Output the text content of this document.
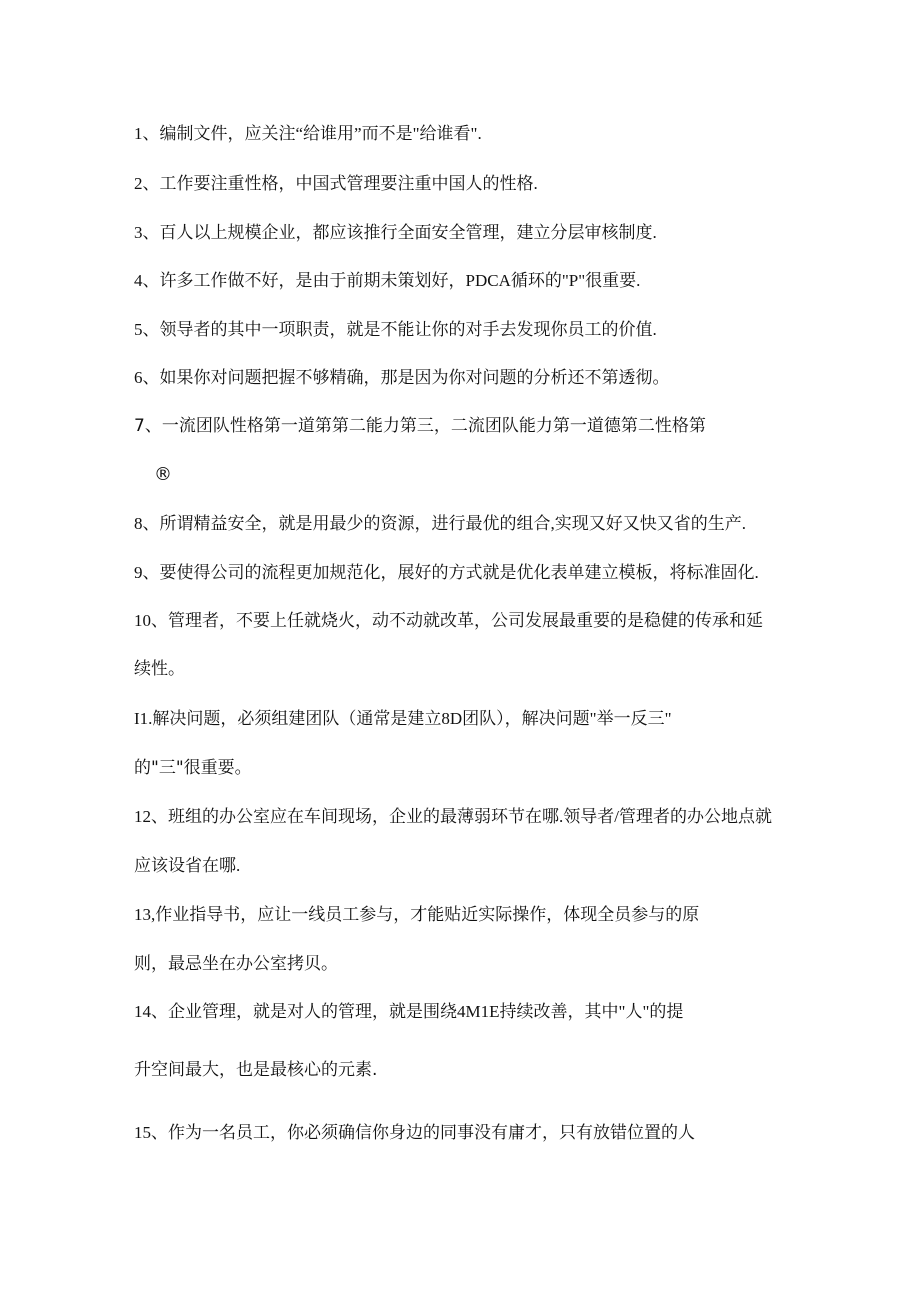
1、编制文件，应关注“给谁用”而不是"给谁看".
2、工作要注重性格，中国式管理要注重中国人的性格.
3、百人以上规模企业，都应该推行全面安全管理，建立分层审核制度.
4、许多工作做不好，是由于前期未策划好，PDCA循环的"P"很重要.
5、领导者的其中一项职责，就是不能让你的对手去发现你员工的价值.
6、如果你对问题把握不够精确，那是因为你对问题的分析还不第透彻。
7、一流团队性格第一道第第二能力第三，二流团队能力第一道德第二性格第
®
8、所谓精益安全，就是用最少的资源，进行最优的组合,实现又好又快又省的生产.
9、要使得公司的流程更加规范化，展好的方式就是优化表单建立模板，将标准固化.
10、管理者，不要上任就烧火，动不动就改革，公司发展最重要的是稳健的传承和延
续性。
I1.解决问题，必须组建团队（通常是建立8D团队），解决问题"举一反三"
的"三"很重要。
12、班组的办公室应在车间现场，企业的最薄弱环节在哪.领导者/管理者的办公地点就
应该设省在哪.
13,作业指导书，应让一线员工参与，才能贴近实际操作，体现全员参与的原
则，最忌坐在办公室拷贝。
14、企业管理，就是对人的管理，就是围绕4M1E持续改善，其中"人"的提
升空间最大，也是最核心的元素.
15、作为一名员工，你必须确信你身边的同事没有庸才，只有放错位置的人
